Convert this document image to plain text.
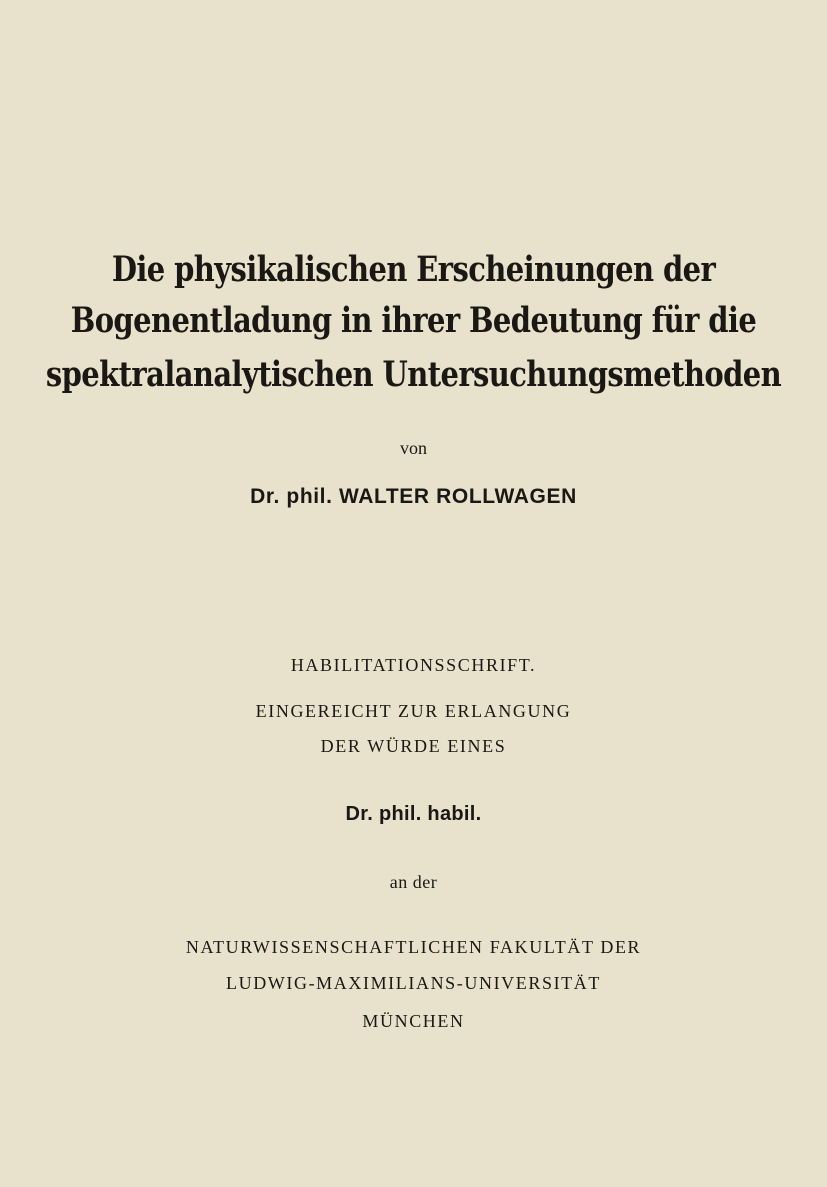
Die physikalischen Erscheinungen der
Bogenentladung in ihrer Bedeutung für die
spektralanalytischen Untersuchungsmethoden
von
Dr. phil. WALTER ROLLWAGEN
HABILITATIONSSCHRIFT.
EINGEREICHT ZUR ERLANGUNG
DER WÜRDE EINES
Dr. phil. habil.
an der
NATURWISSENSCHAFTLICHEN FAKULTÄT DER
LUDWIG-MAXIMILIANS-UNIVERSITÄT
MÜNCHEN
